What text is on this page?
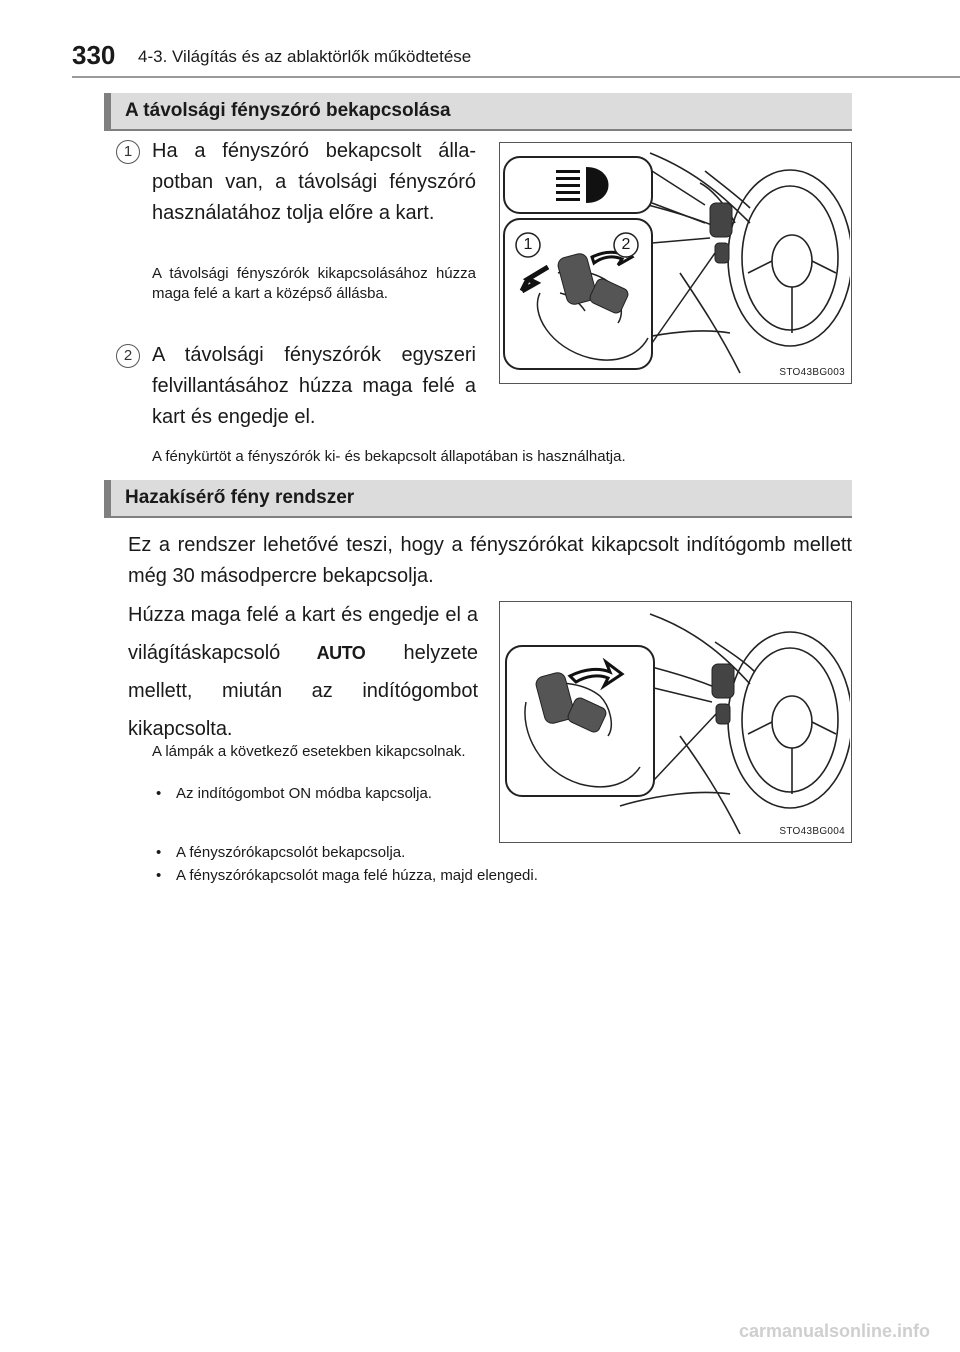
330 4-3. Világítás és az ablaktörlők működtetése
A távolsági fényszóró bekapcsolása
1 Ha a fényszóró bekapcsolt állapotban van, a távolsági fényszóró használatához tolja előre a kart.
A távolsági fényszórók kikapcsolásához húzza maga felé a kart a középső állásba.
2 A távolsági fényszórók egyszeri felvillantásához húzza maga felé a kart és engedje el.
1	2
STO43BG003
A fénykürtöt a fényszórók ki- és bekapcsolt állapotában is használhatja.
Hazakísérő fény rendszer
Ez a rendszer lehetővé teszi, hogy a fényszórókat kikapcsolt indítógomb mellett még 30 másodpercre bekapcsolja.
Húzza maga felé a kart és engedje el a világításkapcsoló AUTO helyzete mellett, miután az indítógombot kikapcsolta.
A lámpák a következő esetekben kikapcsolnak.
• Az indítógombot ON módba kapcsolja.
• A fényszórókapcsolót bekapcsolja.
• A fényszórókapcsolót maga felé húzza, majd elengedi.
STO43BG004
carmanualsonline.info
